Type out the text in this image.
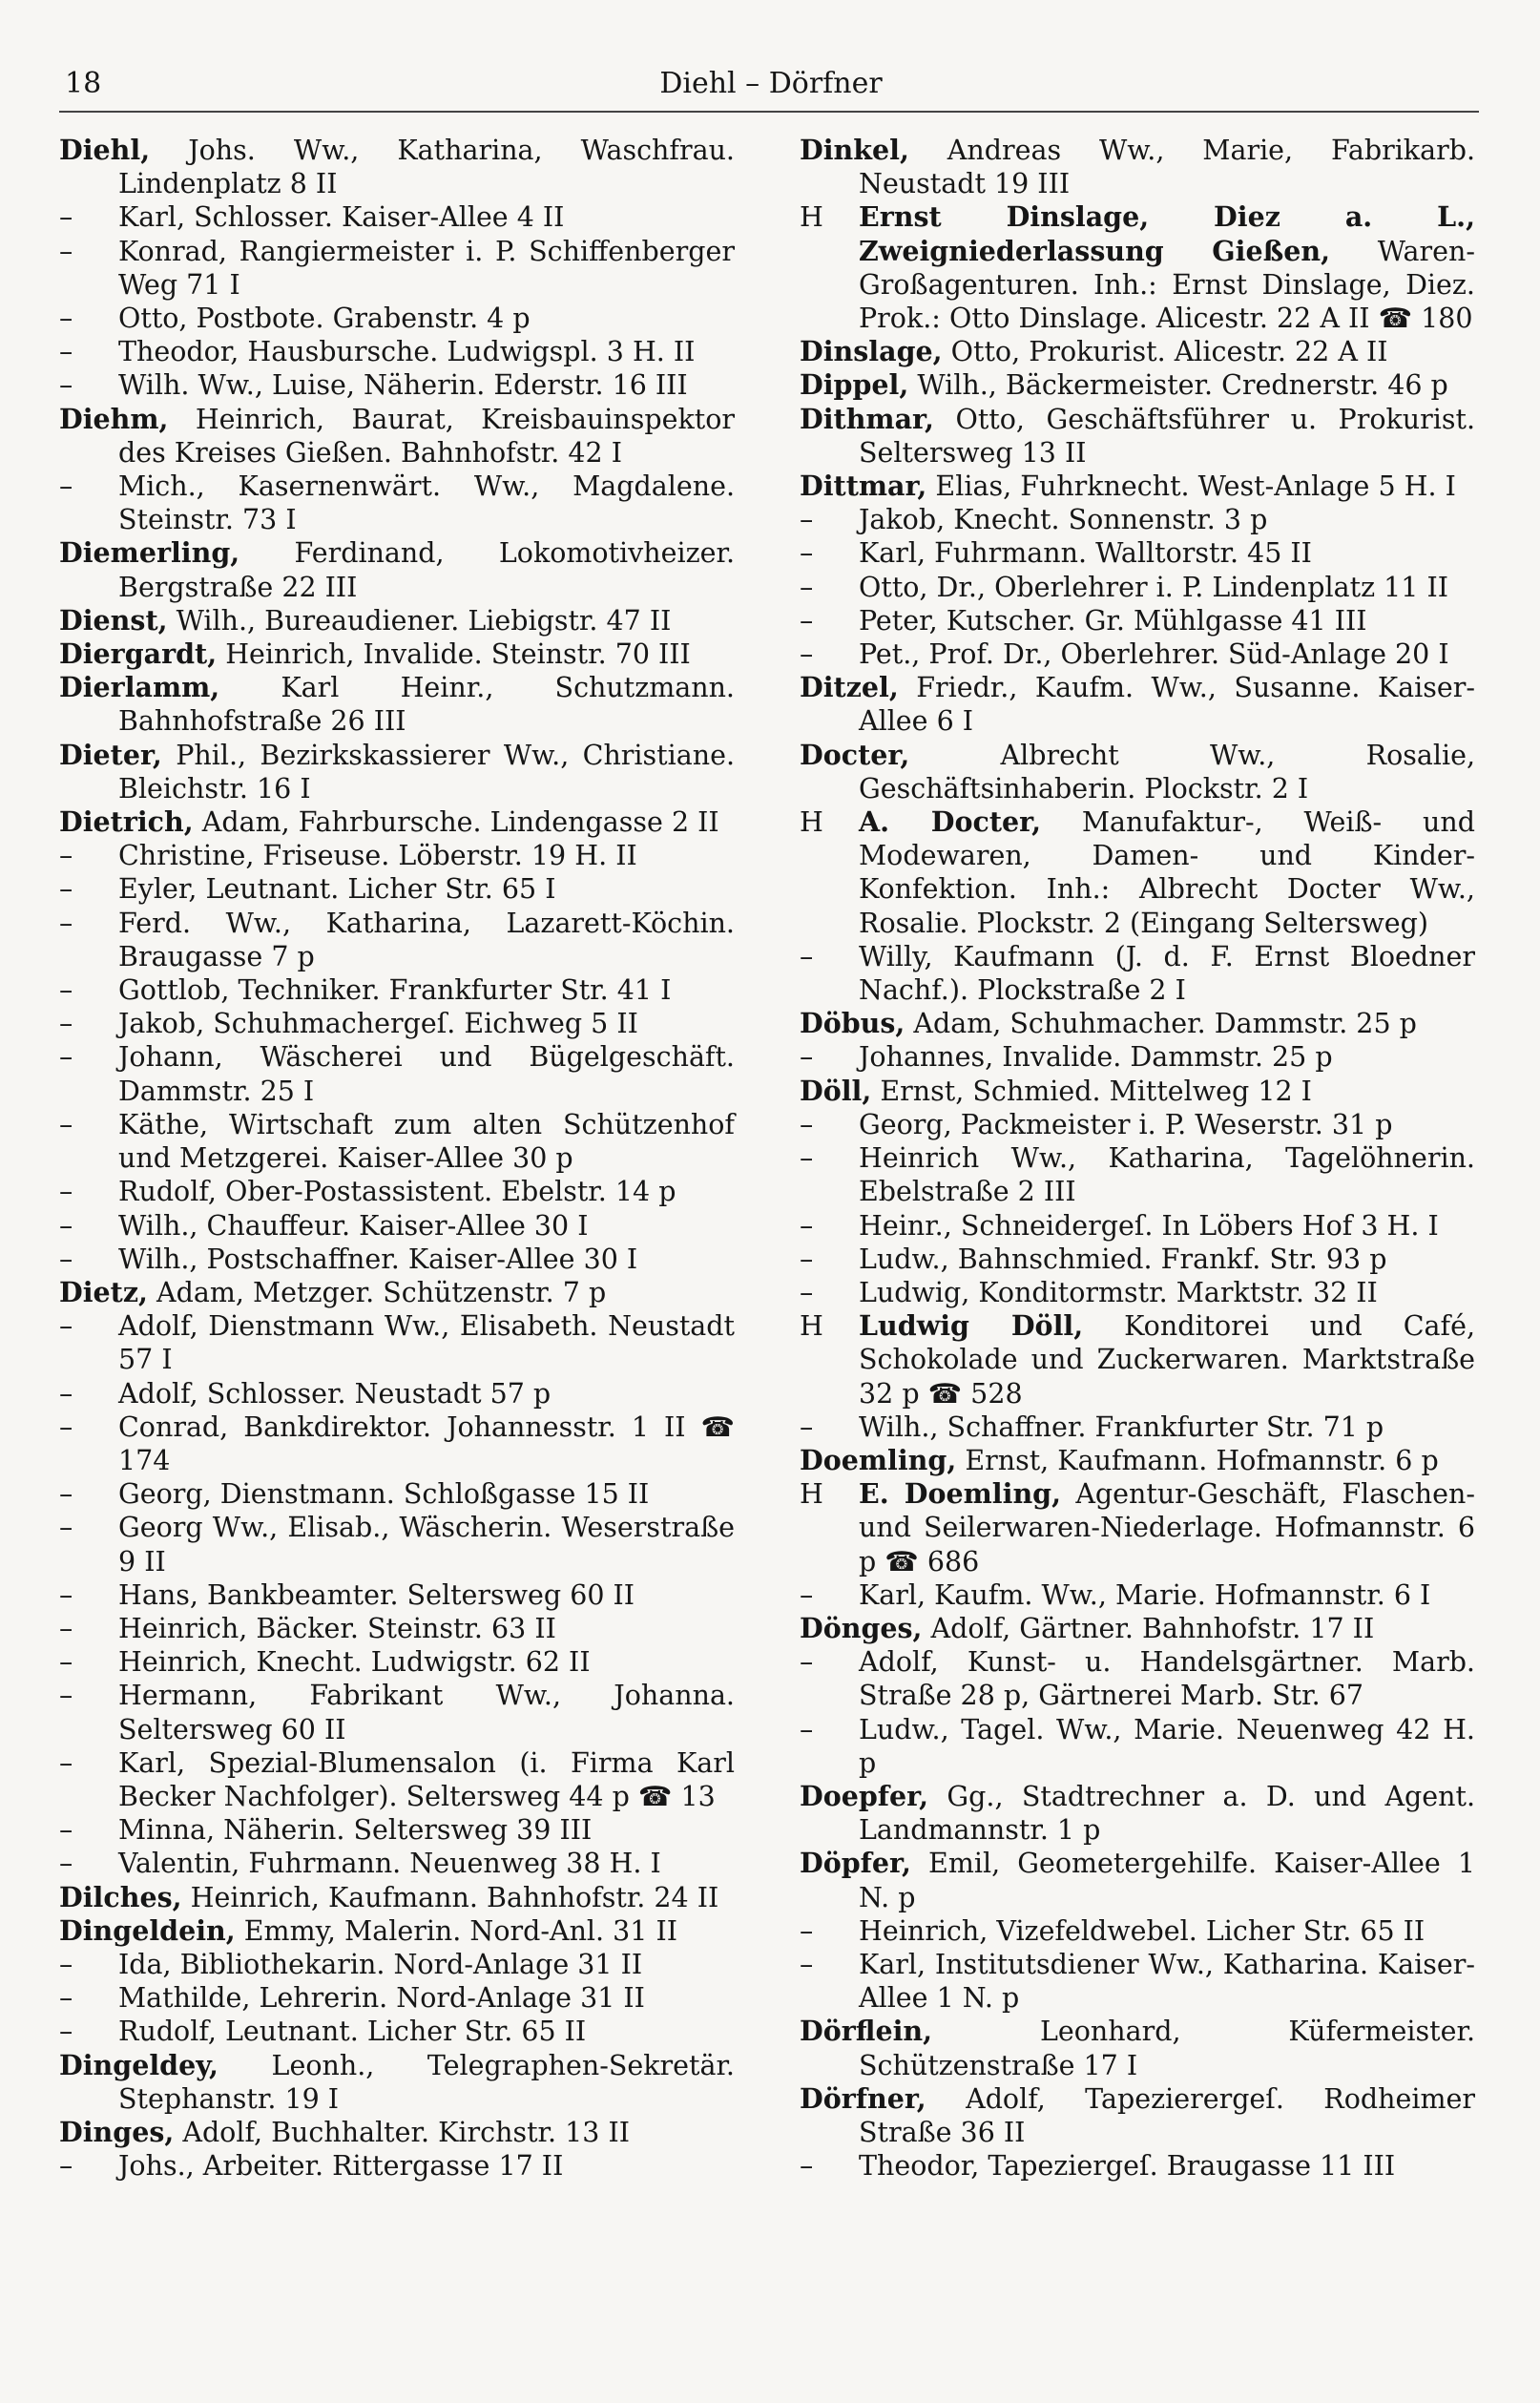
18	Diehl – Dörfner

Diehl, Johs. Ww., Katharina, Waschfrau. Lindenplatz 8 II

– Karl, Schlosser. Kaiser-Allee 4 II

– Konrad, Rangiermeister i. P. Schiffenberger Weg 71 I

– Otto, Postbote. Grabenstr. 4 p

– Theodor, Hausbursche. Ludwigspl. 3 H. II

– Wilh. Ww., Luise, Näherin. Ederstr. 16 III

Diehm, Heinrich, Baurat, Kreisbauinspektor des Kreises Gießen. Bahnhofstr. 42 I

– Mich., Kasernenwärt. Ww., Magdalene. Steinstr. 73 I

Diemerling, Ferdinand, Lokomotivheizer. Bergstraße 22 III

Dienst, Wilh., Bureaudiener. Liebigstr. 47 II

Diergardt, Heinrich, Invalide. Steinstr. 70 III

Dierlamm, Karl Heinr., Schutzmann. Bahnhofstraße 26 III

Dieter, Phil., Bezirkskassierer Ww., Christiane. Bleichstr. 16 I

Dietrich, Adam, Fahrbursche. Lindengasse 2 II

– Christine, Friseuse. Löberstr. 19 H. II

– Eyler, Leutnant. Licher Str. 65 I

– Ferd. Ww., Katharina, Lazarett-Köchin. Braugasse 7 p

– Gottlob, Techniker. Frankfurter Str. 41 I

– Jakob, Schuhmachergeſ. Eichweg 5 II

– Johann, Wäscherei und Bügelgeschäft. Dammstr. 25 I

– Käthe, Wirtschaft zum alten Schützenhof und Metzgerei. Kaiser-Allee 30 p

– Rudolf, Ober-Postassistent. Ebelstr. 14 p

– Wilh., Chauffeur. Kaiser-Allee 30 I

– Wilh., Postschaffner. Kaiser-Allee 30 I

Dietz, Adam, Metzger. Schützenstr. 7 p

– Adolf, Dienstmann Ww., Elisabeth. Neustadt 57 I

– Adolf, Schlosser. Neustadt 57 p

– Conrad, Bankdirektor. Johannesstr. 1 II ☎ 174

– Georg, Dienstmann. Schloßgasse 15 II

– Georg Ww., Elisab., Wäscherin. Weserstraße 9 II

– Hans, Bankbeamter. Seltersweg 60 II

– Heinrich, Bäcker. Steinstr. 63 II

– Heinrich, Knecht. Ludwigstr. 62 II

– Hermann, Fabrikant Ww., Johanna. Seltersweg 60 II

– Karl, Spezial-Blumensalon (i. Firma Karl Becker Nachfolger). Seltersweg 44 p ☎ 13

– Minna, Näherin. Seltersweg 39 III

– Valentin, Fuhrmann. Neuenweg 38 H. I

Dilches, Heinrich, Kaufmann. Bahnhofstr. 24 II

Dingeldein, Emmy, Malerin. Nord-Anl. 31 II

– Ida, Bibliothekarin. Nord-Anlage 31 II

– Mathilde, Lehrerin. Nord-Anlage 31 II

– Rudolf, Leutnant. Licher Str. 65 II

Dingeldey, Leonh., Telegraphen-Sekretär. Stephanstr. 19 I

Dinges, Adolf, Buchhalter. Kirchstr. 13 II

– Johs., Arbeiter. Rittergasse 17 II

Dinkel, Andreas Ww., Marie, Fabrikarb. Neustadt 19 III

H Ernst Dinslage, Diez a. L., Zweigniederlassung Gießen, Waren-Großagenturen. Inh.: Ernst Dinslage, Diez. Prok.: Otto Dinslage. Alicestr. 22 A II ☎ 180

Dinslage, Otto, Prokurist. Alicestr. 22 A II

Dippel, Wilh., Bäckermeister. Crednerstr. 46 p

Dithmar, Otto, Geschäftsführer u. Prokurist. Seltersweg 13 II

Dittmar, Elias, Fuhrknecht. West-Anlage 5 H. I

– Jakob, Knecht. Sonnenstr. 3 p

– Karl, Fuhrmann. Walltorstr. 45 II

– Otto, Dr., Oberlehrer i. P. Lindenplatz 11 II

– Peter, Kutscher. Gr. Mühlgasse 41 III

– Pet., Prof. Dr., Oberlehrer. Süd-Anlage 20 I

Ditzel, Friedr., Kaufm. Ww., Susanne. Kaiser-Allee 6 I

Docter,	Albrecht Ww., Rosalie, Geschäftsinhaberin. Plockstr. 2 I

H A. Docter, Manufaktur-, Weiß- und Modewaren, Damen- und Kinder-Konfektion. Inh.: Albrecht Docter Ww., Rosalie. Plockstr. 2 (Eingang Seltersweg)

– Willy, Kaufmann (J. d. F. Ernst Bloedner Nachf.). Plockstraße 2 I

Döbus, Adam, Schuhmacher. Dammstr. 25 p

– Johannes, Invalide. Dammstr. 25 p

Döll, Ernst, Schmied. Mittelweg 12 I

– Georg, Packmeister i. P. Weserstr. 31 p

– Heinrich Ww., Katharina, Tagelöhnerin. Ebelstraße 2 III

– Heinr., Schneidergeſ. In Löbers Hof 3 H. I

– Ludw., Bahnschmied. Frankf. Str. 93 p

– Ludwig, Konditormstr. Marktstr. 32 II

H Ludwig Döll, Konditorei und Café, Schokolade und Zuckerwaren. Marktstraße 32 p ☎ 528

– Wilh., Schaffner. Frankfurter Str. 71 p

Doemling, Ernst, Kaufmann. Hofmannstr. 6 p

H E. Doemling, Agentur-Geschäft, Flaschen- und Seilerwaren-Niederlage. Hofmannstr. 6 p ☎ 686

– Karl, Kaufm. Ww., Marie. Hofmannstr. 6 I

Dönges, Adolf, Gärtner. Bahnhofstr. 17 II

– Adolf, Kunst- u. Handelsgärtner. Marb. Straße 28 p, Gärtnerei Marb. Str. 67

– Ludw., Tagel. Ww., Marie. Neuenweg 42 H. p

Doepfer, Gg., Stadtrechner a. D. und Agent. Landmannstr. 1 p

Döpfer, Emil, Geometergehilfe. Kaiser-Allee 1 N. p

– Heinrich, Vizefeldwebel. Licher Str. 65 II

– Karl, Institutsdiener Ww., Katharina. Kaiser-Allee 1 N. p

Dörflein,	Leonhard, Küfermeister. Schützenstraße 17 I

Dörfner, Adolf, Tapezierergeſ. Rodheimer Straße 36 II

– Theodor, Tapeziergeſ. Braugasse 11 III
